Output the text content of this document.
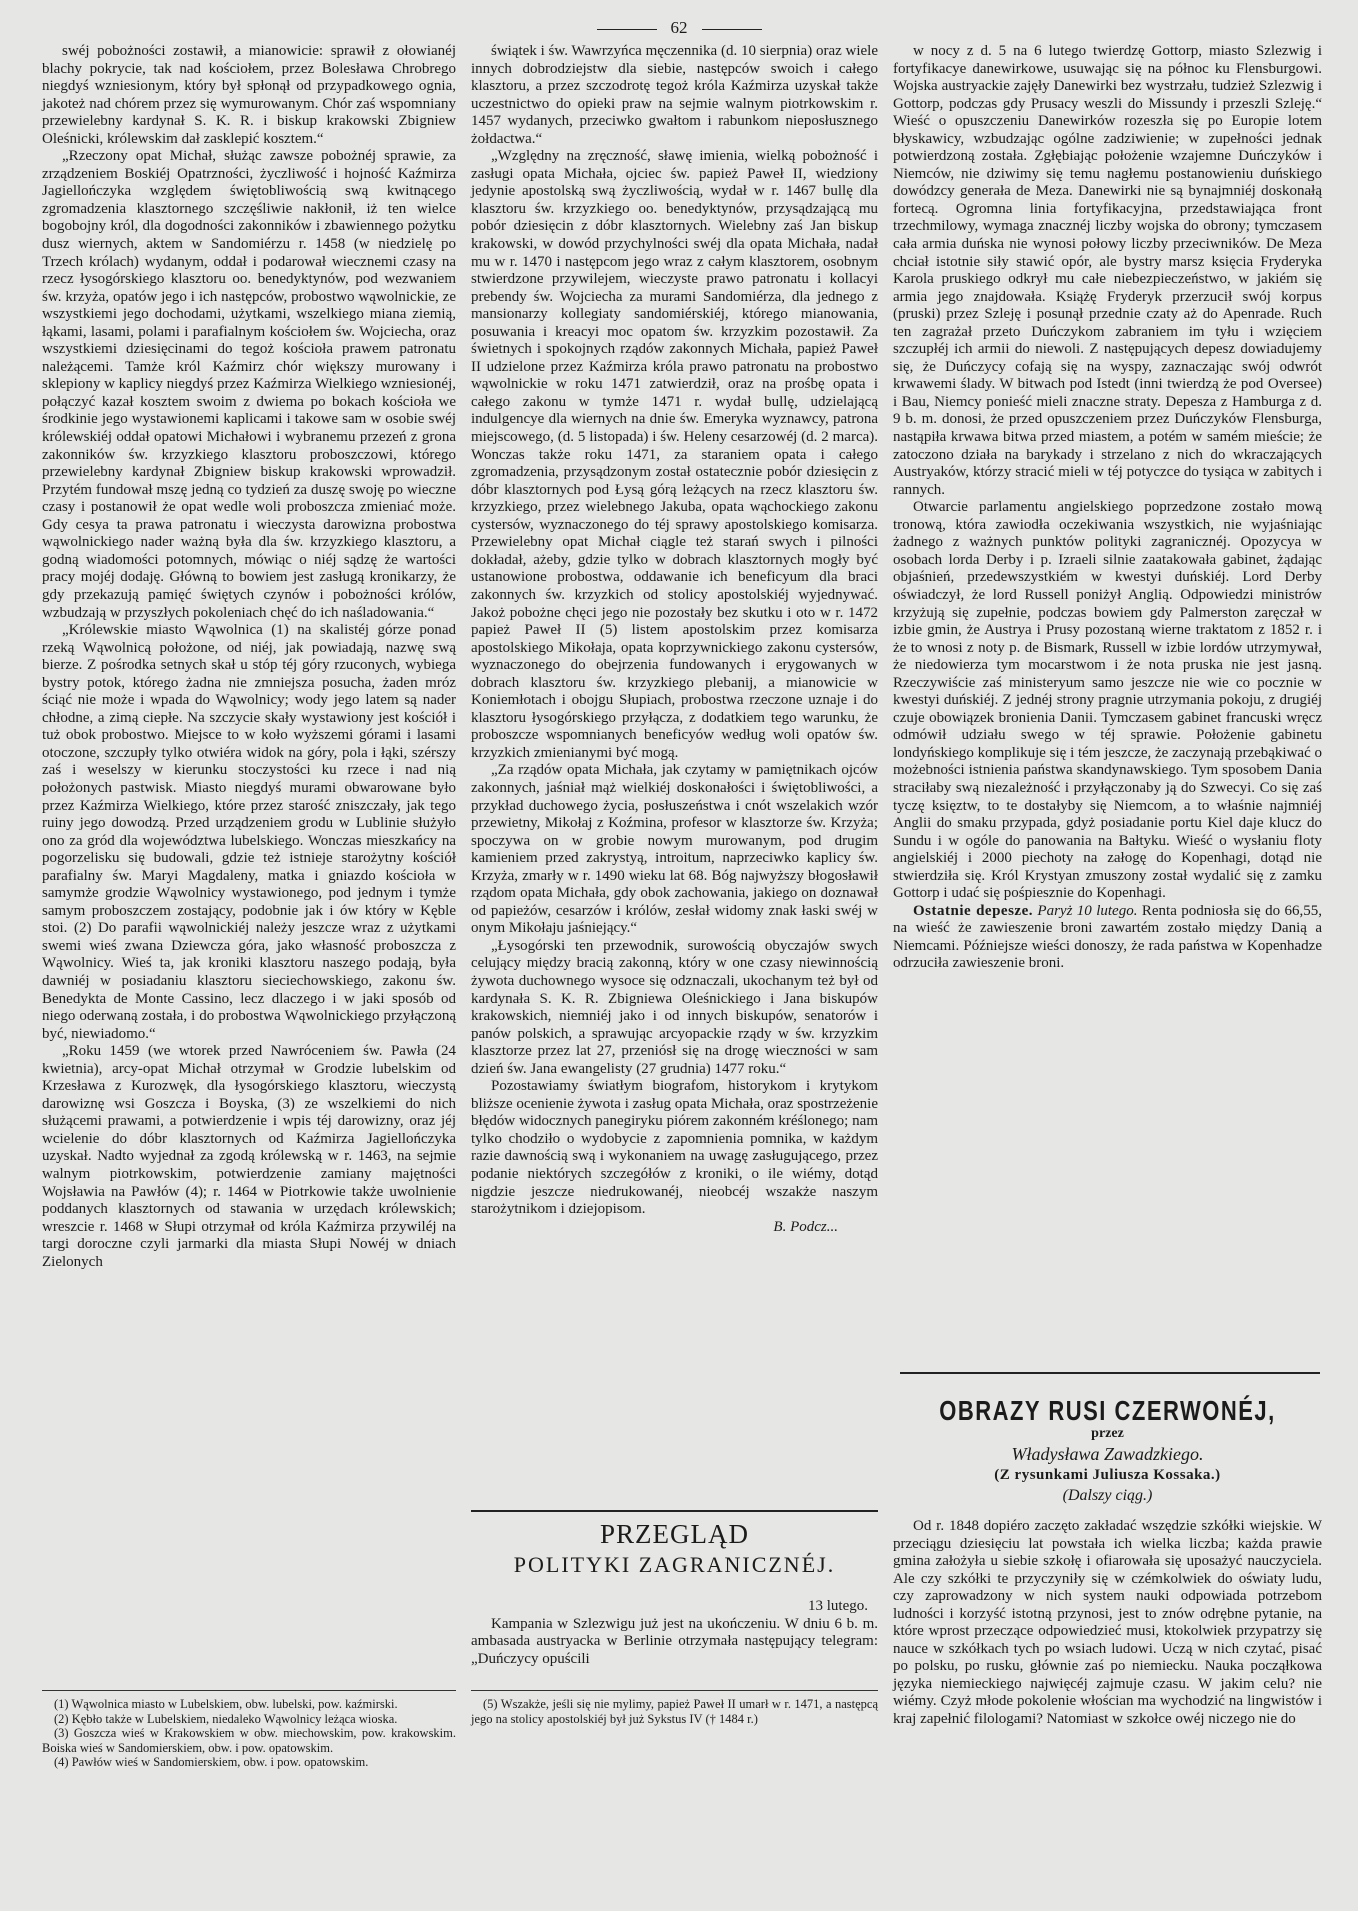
62

swéj pobożności zostawił, a mianowicie: sprawił z ołowianéj blachy pokrycie, tak nad kościołem, przez Bolesława Chrobrego niegdyś wzniesionym, który był spłonął od przypadkowego ognia, jakoteż nad chórem przez się wymurowanym. Chór zaś wspomniany przewielebny kardynał S. K. R. i biskup krakowski Zbigniew Oleśnicki, królewskim dał zasklepić kosztem.“

„Rzeczony opat Michał, służąc zawsze pobożnéj sprawie, za zrządzeniem Boskiéj Opatrzności, życzliwość i hojność Kaźmirza Jagiellończyka względem świętobliwością swą kwitnącego zgromadzenia klasztornego szczęśliwie nakłonił, iż ten wielce bogobojny król, dla dogodności zakonników i zbawiennego pożytku dusz wiernych, aktem w Sandomiérzu r. 1458 (w niedzielę po Trzech królach) wydanym, oddał i podarował wiecznemi czasy na rzecz łysogórskiego klasztoru oo. benedyktynów, pod wezwaniem św. krzyża, opatów jego i ich następców, probostwo wąwolnickie, ze wszystkiemi jego dochodami, użytkami, wszelkiego miana ziemią, łąkami, lasami, polami i parafialnym kościołem św. Wojciecha, oraz wszystkiemi dziesięcinami do tegoż kościoła prawem patronatu należącemi. Tamże król Kaźmirz chór większy murowany i sklepiony w kaplicy niegdyś przez Kaźmirza Wielkiego wzniesionéj, połączyć kazał kosztem swoim z dwiema po bokach kościoła we środkinie jego wystawionemi kaplicami i takowe sam w osobie swéj królewskiéj oddał opatowi Michałowi i wybranemu przezeń z grona zakonników św. krzyzkiego klasztoru proboszczowi, którego przewielebny kardynał Zbigniew biskup krakowski wprowadził. Przytém fundował mszę jedną co tydzień za duszę swoję po wieczne czasy i postanowił że opat wedle woli proboszcza zmieniać może. Gdy cesya ta prawa patronatu i wieczysta darowizna probostwa wąwolnickiego nader ważną była dla św. krzyzkiego klasztoru, a godną wiadomości potomnych, mówiąc o niéj sądzę że wartości pracy mojéj dodaję. Główną to bowiem jest zasługą kronikarzy, że gdy przekazują pamięć świętych czynów i pobożności królów, wzbudzają w przyszłych pokoleniach chęć do ich naśladowania.“

„Królewskie miasto Wąwolnica (1) na skalistéj górze ponad rzeką Wąwolnicą położone, od niéj, jak powiadają, nazwę swą bierze. Z pośrodka setnych skał u stóp téj góry rzuconych, wybiega bystry potok, którego żadna nie zmniejsza posucha, żaden mróz ściąć nie może i wpada do Wąwolnicy; wody jego latem są nader chłodne, a zimą ciepłe. Na szczycie skały wystawiony jest kościół i tuż obok probostwo. Miejsce to w koło wyższemi górami i lasami otoczone, szczupły tylko otwiéra widok na góry, pola i łąki, szérszy zaś i weselszy w kierunku stoczystości ku rzece i nad nią położonych pastwisk. Miasto niegdyś murami obwarowane było przez Kaźmirza Wielkiego, które przez starość zniszczały, jak tego ruiny jego dowodzą. Przed urządzeniem grodu w Lublinie służyło ono za gród dla województwa lubelskiego. Wonczas mieszkańcy na pogorzelisku się budowali, gdzie też istnieje starożytny kościół parafialny św. Maryi Magdaleny, matka i gniazdo kościoła w samymże grodzie Wąwolnicy wystawionego, pod jednym i tymże samym proboszczem zostający, podobnie jak i ów który w Kęble stoi. (2) Do parafii wąwolnickiéj należy jeszcze wraz z użytkami swemi wieś zwana Dziewcza góra, jako własność proboszcza z Wąwolnicy. Wieś ta, jak kroniki klasztoru naszego podają, była dawniéj w posiadaniu klasztoru sieciechowskiego, zakonu św. Benedykta de Monte Cassino, lecz dlaczego i w jaki sposób od niego oderwaną została, i do probostwa Wąwolnickiego przyłączoną być, niewiadomo.“

„Roku 1459 (we wtorek przed Nawróceniem św. Pawła (24 kwietnia), arcy-opat Michał otrzymał w Grodzie lubelskim od Krzesława z Kurozwęk, dla łysogórskiego klasztoru, wieczystą darowiznę wsi Goszcza i Boyska, (3) ze wszelkiemi do nich służącemi prawami, a potwierdzenie i wpis téj darowizny, oraz jéj wcielenie do dóbr klasztornych od Kaźmirza Jagiellończyka uzyskał. Nadto wyjednał za zgodą królewską w r. 1463, na sejmie walnym piotrkowskim, potwierdzenie zamiany majętności Wojsławia na Pawłów (4); r. 1464 w Piotrkowie także uwolnienie poddanych klasztornych od stawania w urzędach królewskich; wreszcie r. 1468 w Słupi otrzymał od króla Kaźmirza przywiléj na targi doroczne czyli jarmarki dla miasta Słupi Nowéj w dniach Zielonych

(1) Wąwolnica miasto w Lubelskiem, obw. lubelski, pow. kaźmirski.

(2) Kębło także w Lubelskiem, niedaleko Wąwolnicy leżąca wioska.

(3) Goszcza wieś w Krakowskiem w obw. miechowskim, pow. krakowskim. Boiska wieś w Sandomierskiem, obw. i pow. opatowskim.

(4) Pawłów wieś w Sandomierskiem, obw. i pow. opatowskim.

świątek i św. Wawrzyńca męczennika (d. 10 sierpnia) oraz wiele innych dobrodziejstw dla siebie, następców swoich i całego klasztoru, a przez szczodrotę tegoż króla Kaźmirza uzyskał także uczestnictwo do opieki praw na sejmie walnym piotrkowskim r. 1457 wydanych, przeciwko gwałtom i rabunkom nieposłusznego żołdactwa.“

„Względny na zręczność, sławę imienia, wielką pobożność i zasługi opata Michała, ojciec św. papież Paweł II, wiedziony jedynie apostolską swą życzliwością, wydał w r. 1467 bullę dla klasztoru św. krzyzkiego oo. benedyktynów, przysądzającą mu pobór dziesięcin z dóbr klasztornych. Wielebny zaś Jan biskup krakowski, w dowód przychylności swéj dla opata Michała, nadał mu w r. 1470 i następcom jego wraz z całym klasztorem, osobnym stwierdzone przywilejem, wieczyste prawo patronatu i kollacyi prebendy św. Wojciecha za murami Sandomiérza, dla jednego z mansionarzy kollegiaty sandomiérskiéj, którego mianowania, posuwania i kreacyi moc opatom św. krzyzkim pozostawił. Za świetnych i spokojnych rządów zakonnych Michała, papież Paweł II udzielone przez Kaźmirza króla prawo patronatu na probostwo wąwolnickie w roku 1471 zatwierdził, oraz na prośbę opata i całego zakonu w tymże 1471 r. wydał bullę, udzielającą indulgencye dla wiernych na dnie św. Emeryka wyznawcy, patrona miejscowego, (d. 5 listopada) i św. Heleny cesarzowéj (d. 2 marca). Wonczas także roku 1471, za staraniem opata i całego zgromadzenia, przysądzonym został ostatecznie pobór dziesięcin z dóbr klasztornych pod Łysą górą leżących na rzecz klasztoru św. krzyzkiego, przez wielebnego Jakuba, opata wąchockiego zakonu cystersów, wyznaczonego do téj sprawy apostolskiego komisarza. Przewielebny opat Michał ciągle też starań swych i pilności dokładał, ażeby, gdzie tylko w dobrach klasztornych mogły być ustanowione probostwa, oddawanie ich beneficyum dla braci zakonnych św. krzyzkich od stolicy apostolskiéj wyjednywać. Jakoż pobożne chęci jego nie pozostały bez skutku i oto w r. 1472 papież Paweł II (5) listem apostolskim przez komisarza apostolskiego Mikołaja, opata koprzywnickiego zakonu cystersów, wyznaczonego do obejrzenia fundowanych i erygowanych w dobrach klasztoru św. krzyzkiego plebanij, a mianowicie w Koniemłotach i obojgu Słupiach, probostwa rzeczone uznaje i do klasztoru łysogórskiego przyłącza, z dodatkiem tego warunku, że proboszcze wspomnianych beneficyów według woli opatów św. krzyzkich zmienianymi być mogą.

„Za rządów opata Michała, jak czytamy w pamiętnikach ojców zakonnych, jaśniał mąż wielkiéj doskonałości i świętobliwości, a przykład duchowego życia, posłuszeństwa i cnót wszelakich wzór przewietny, Mikołaj z Koźmina, profesor w klasztorze św. Krzyża; spoczywa on w grobie nowym murowanym, pod drugim kamieniem przed zakrystyą, introitum, naprzeciwko kaplicy św. Krzyża, zmarły w r. 1490 wieku lat 68. Bóg najwyższy błogosławił rządom opata Michała, gdy obok zachowania, jakiego on doznawał od papieżów, cesarzów i królów, zesłał widomy znak łaski swéj w onym Mikołaju jaśniejący.“

„Łysogórski ten przewodnik, surowością obyczajów swych celujący między bracią zakonną, który w one czasy niewinnością żywota duchownego wysoce się odznaczali, ukochanym też był od kardynała S. K. R. Zbigniewa Oleśnickiego i Jana biskupów krakowskich, niemniéj jako i od innych biskupów, senatorów i panów polskich, a sprawując arcyopackie rządy w św. krzyzkim klasztorze przez lat 27, przeniósł się na drogę wieczności w sam dzień św. Jana ewangelisty (27 grudnia) 1477 roku.“

Pozostawiamy światłym biografom, historykom i krytykom bliższe ocenienie żywota i zasług opata Michała, oraz spostrzeżenie błędów widocznych panegiryku piórem zakonném kréślonego; nam tylko chodziło o wydobycie z zapomnienia pomnika, w każdym razie dawnością swą i wykonaniem na uwagę zasługującego, przez podanie niektórych szczegółów z kroniki, o ile wiémy, dotąd nigdzie jeszcze niedrukowanéj, nieobcéj wszakże naszym starożytnikom i dziejopisom.

B. Podcz...
PRZEGLĄD
POLITYKI ZAGRANICZNÉJ.
13 lutego.

Kampania w Szlezwigu już jest na ukończeniu. W dniu 6 b. m. ambasada austryacka w Berlinie otrzymała następujący telegram: „Duńczycy opuścili

(5) Wszakże, jeśli się nie mylimy, papież Paweł II umarł w r. 1471, a następcą jego na stolicy apostolskiéj był już Sykstus IV († 1484 r.)

w nocy z d. 5 na 6 lutego twierdzę Gottorp, miasto Szlezwig i fortyfikacye danewirkowe, usuwając się na północ ku Flensburgowi. Wojska austryackie zajęły Danewirki bez wystrzału, tudzież Szlezwig i Gottorp, podczas gdy Prusacy weszli do Missundy i przeszli Szleję.“ Wieść o opuszczeniu Danewirków rozeszła się po Europie lotem błyskawicy, wzbudzając ogólne zadziwienie; w zupełności jednak potwierdzoną została. Zgłębiając położenie wzajemne Duńczyków i Niemców, nie dziwimy się temu nagłemu postanowieniu duńskiego dowódzcy generała de Meza. Danewirki nie są bynajmniéj doskonałą fortecą. Ogromna linia fortyfikacyjna, przedstawiająca front trzechmilowy, wymaga znacznéj liczby wojska do obrony; tymczasem cała armia duńska nie wynosi połowy liczby przeciwników. De Meza chciał istotnie siły stawić opór, ale bystry marsz księcia Fryderyka Karola pruskiego odkrył mu całe niebezpieczeństwo, w jakiém się armia jego znajdowała. Książę Fryderyk przerzucił swój korpus (pruski) przez Szleję i posunął przednie czaty aż do Apenrade. Ruch ten zagrażał przeto Duńczykom zabraniem im tyłu i wzięciem szczupłéj ich armii do niewoli. Z następujących depesz dowiadujemy się, że Duńczycy cofają się na wyspy, zaznaczając swój odwrót krwawemi ślady. W bitwach pod Istedt (inni twierdzą że pod Oversee) i Bau, Niemcy ponieść mieli znaczne straty. Depesza z Hamburga z d. 9 b. m. donosi, że przed opuszczeniem przez Duńczyków Flensburga, nastąpiła krwawa bitwa przed miastem, a potém w samém mieście; że zatoczono działa na barykady i strzelano z nich do wkraczających Austryaków, którzy stracić mieli w téj potyczce do tysiąca w zabitych i rannych.

Otwarcie parlamentu angielskiego poprzedzone zostało mową tronową, która zawiodła oczekiwania wszystkich, nie wyjaśniając żadnego z ważnych punktów polityki zagranicznéj. Opozycya w osobach lorda Derby i p. Izraeli silnie zaatakowała gabinet, żądając objaśnień, przedewszystkiém w kwestyi duńskiéj. Lord Derby oświadczył, że lord Russell poniżył Anglią. Odpowiedzi ministrów krzyżują się zupełnie, podczas bowiem gdy Palmerston zaręczał w izbie gmin, że Austrya i Prusy pozostaną wierne traktatom z 1852 r. i że to wnosi z noty p. de Bismark, Russell w izbie lordów utrzymywał, że niedowierza tym mocarstwom i że nota pruska nie jest jasną. Rzeczywiście zaś ministeryum samo jeszcze nie wie co pocznie w kwestyi duńskiéj. Z jednéj strony pragnie utrzymania pokoju, z drugiéj czuje obowiązek bronienia Danii. Tymczasem gabinet francuski wręcz odmówił udziału swego w téj sprawie. Położenie gabinetu londyńskiego komplikuje się i tém jeszcze, że zaczynają przebąkiwać o możebności istnienia państwa skandynawskiego. Tym sposobem Dania straciłaby swą niezależność i przyłączonaby ją do Szwecyi. Co się zaś tyczę księztw, to te dostałyby się Niemcom, a to właśnie najmniéj Anglii do smaku przypada, gdyż posiadanie portu Kiel daje klucz do Sundu i w ogóle do panowania na Bałtyku. Wieść o wysłaniu floty angielskiéj i 2000 piechoty na załogę do Kopenhagi, dotąd nie stwierdziła się. Król Krystyan zmuszony został wydalić się z zamku Gottorp i udać się pośpiesznie do Kopenhagi.

Ostatnie depesze. Paryż 10 lutego. Renta podniosła się do 66,55, na wieść że zawieszenie broni zawartém zostało między Danią a Niemcami. Późniejsze wieści donoszy, że rada państwa w Kopenhadze odrzuciła zawieszenie broni.

OBRAZY RUSI CZERWONÉJ,
przez
Władysława Zawadzkiego.
(Z rysunkami Juliusza Kossaka.)
(Dalszy ciąg.)

Od r. 1848 dopiéro zaczęto zakładać wszędzie szkółki wiejskie. W przeciągu dziesięciu lat powstała ich wielka liczba; każda prawie gmina założyła u siebie szkołę i ofiarowała się uposażyć nauczyciela. Ale czy szkółki te przyczyniły się w czémkolwiek do oświaty ludu, czy zaprowadzony w nich system nauki odpowiada potrzebom ludności i korzyść istotną przynosi, jest to znów odrębne pytanie, na które wprost przeczące odpowiedzieć musi, ktokolwiek przypatrzy się nauce w szkółkach tych po wsiach ludowi. Uczą w nich czytać, pisać po polsku, po rusku, głównie zaś po niemiecku. Nauka począłkowa języka niemieckiego najwięcéj zajmuje czasu. W jakim celu? nie wiémy. Czyż młode pokolenie włościan ma wychodzić na lingwistów i kraj zapełnić filologami? Natomiast w szkołce owéj niczego nie do
